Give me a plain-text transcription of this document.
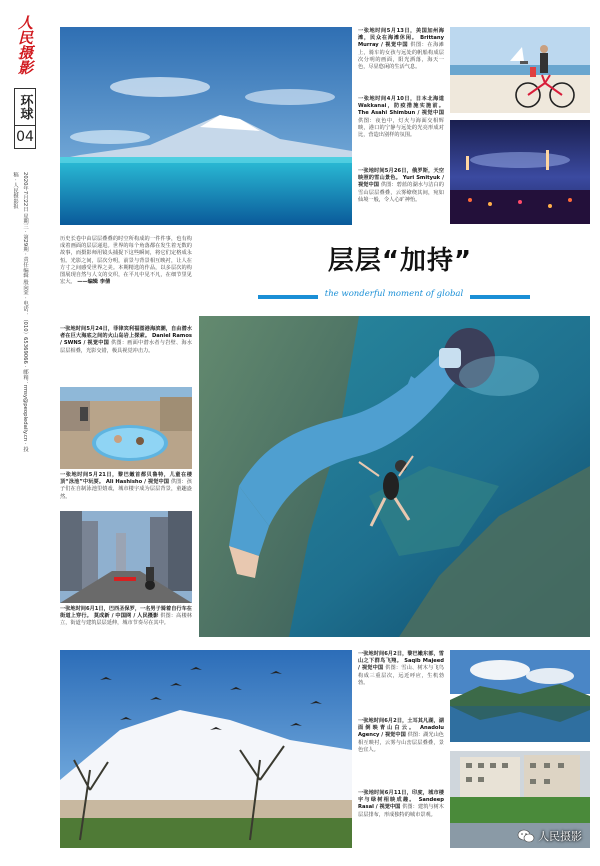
人民摄影
环球
04
2020年7月22日 星期三 · 第29期 · 责任编辑 殷向荣 · 电话：（010）65369066 · 邮箱：rmsy@peopledaily.cn · 投稿 · 人民摄影报
一张地时间5月13日，美国加州海滩，民众在海滩休闲。 Brittany Murray / 视觉中国 供图：在海滩上，骑车的女孩与远处的帆船构成层次分明的画面，阳光洒落，海天一色，尽显悠闲的生活气息。
一张地时间4月10日，日本北海道Wakkanai，防疫措施实施前。 The Asahi Shimbun / 视觉中国 供图：夜色中，灯火与海面交相辉映，港口的宁静与远处的光亮形成对比，营造出别样的氛围。
一张地时间5月26日，俄罗斯，天空映照的雪山景色。 Yuri Smityuk / 视觉中国 供图：碧蓝的湖水与洁白的雪山层层叠叠，云雾缭绕其间，宛如仙境一般，令人心旷神怡。
历史长卷中由层层叠叠的时空所构成的一件件事，也有构成着画面的层层递进。世界的每个角落都在发生着无数的故事，而摄影师用镜头捕捉下这些瞬间，将它们定格成永恒。光影之间，层次分明，前景与背景相互映衬，让人在方寸之间感受世界之美。本期精选的作品，以多层次的构图展现自然与人文的交织，在平凡中见不凡，在细节里见宏大。 ——编辑 李倩
层层“加持”
the wonderful moment of global
一张地时间5月24日，菲律宾利福图港海滨潮，自由潜水者在巨大海底之间的火山岛岩上探索。 Daniel Ramos / SWNS / 视觉中国 供图：画面中潜水者与岩壁、海水层层相叠，光影交错，极具视觉冲击力。
一张地时间5月21日，黎巴嫩首都贝鲁特，儿童在楼顶“泳池”中玩耍。 Ali Hashisho / 视觉中国 供图：孩子们在自制泳池里嬉戏，城市楼宇成为层层背景，童趣盎然。
一张地时间6月1日，巴西圣保罗，一名男子骑着自行车在街道上穿行。 莫成新 / 中国网 / 人民摄影 供图：高楼林立，街道与建筑层层延伸，城市节奏尽在其中。
一张地时间6月2日，黎巴嫩东部，雪山之下群鸟飞翔。 Saqib Majeed / 视觉中国 供图：雪山、树木与飞鸟构成三重层次，远近呼应，生机勃勃。
一张地时间6月2日，土耳其凡湖，湖面倒映青山白云。 Anadolu Agency / 视觉中国 供图：湖光山色相互映衬，云雾与山峦层层叠叠，景色宜人。
一张地时间6月11日，印度，城市楼宇与绿树相映成趣。 Sandeep Rasal / 视觉中国 供图：建筑与树木层层排布，形成独特的城市景观。
人民摄影
